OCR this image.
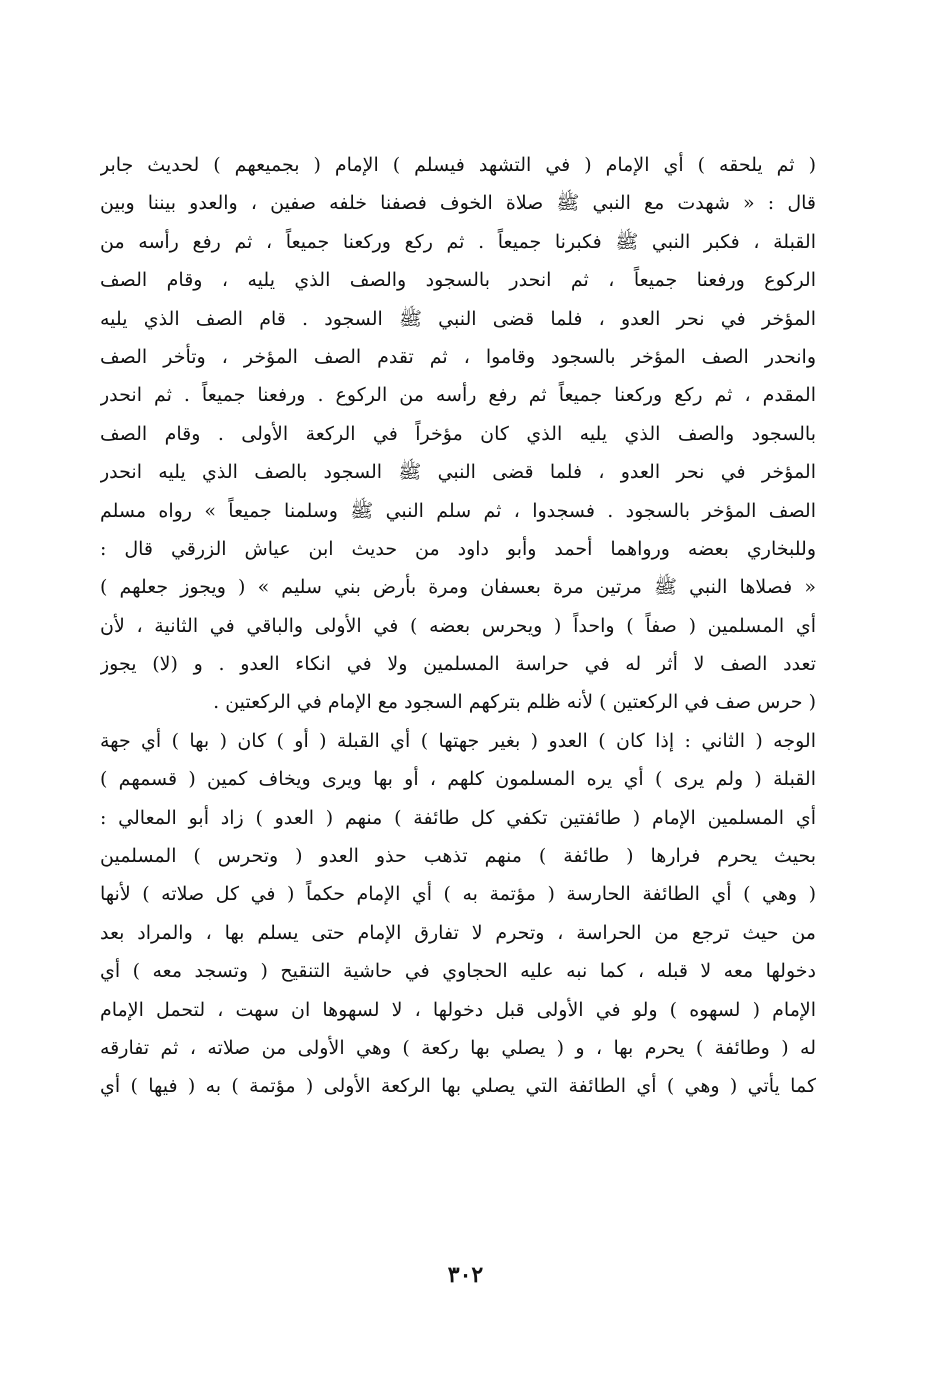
( ثم يلحقه ) أي الإمام ( في التشهد فيسلم ) الإمام ( بجميعهم ) لحديث جابر
قال : « شهدت مع النبي ﷺ صلاة الخوف فصفنا خلفه صفين ، والعدو بيننا وبين
القبلة ، فكبر النبي ﷺ فكبرنا جميعاً . ثم ركع وركعنا جميعاً ، ثم رفع رأسه من
الركوع ورفعنا جميعاً ، ثم انحدر بالسجود والصف الذي يليه ، وقام الصف
المؤخر في نحر العدو ، فلما قضى النبي ﷺ السجود . قام الصف الذي يليه
وانحدر الصف المؤخر بالسجود وقاموا ، ثم تقدم الصف المؤخر ، وتأخر الصف
المقدم ، ثم ركع وركعنا جميعاً ثم رفع رأسه من الركوع . ورفعنا جميعاً . ثم انحدر
بالسجود والصف الذي يليه الذي كان مؤخراً في الركعة الأولى . وقام الصف
المؤخر في نحر العدو ، فلما قضى النبي ﷺ السجود بالصف الذي يليه انحدر
الصف المؤخر بالسجود . فسجدوا ، ثم سلم النبي ﷺ وسلمنا جميعاً » رواه مسلم
وللبخاري بعضه ورواهما أحمد وأبو داود من حديث ابن عياش الزرقي قال :
« فصلاها النبي ﷺ مرتين مرة بعسفان ومرة بأرض بني سليم » ( ويجوز جعلهم )
أي المسلمين ( صفاً ) واحداً ( ويحرس بعضه ) في الأولى والباقي في الثانية ، لأن
تعدد الصف لا أثر له في حراسة المسلمين ولا في انكاء العدو . و (لا) يجوز
( حرس صف في الركعتين ) لأنه ظلم بتركهم السجود مع الإمام في الركعتين .
الوجه ( الثاني : إذا كان ) العدو ( بغير جهتها ) أي القبلة ( أو ) كان ( بها ) أي جهة
القبلة ( ولم يرى ) أي يره المسلمون كلهم ، أو بها ويرى ويخاف كمين ( قسمهم )
أي المسلمين الإمام ( طائفتين تكفي كل طائفة ) منهم ( العدو ) زاد أبو المعالي :
بحيث يحرم فرارها ( طائفة ) منهم تذهب حذو العدو ( وتحرس ) المسلمين
( وهي ) أي الطائفة الحارسة ( مؤتمة به ) أي الإمام حكماً ( في كل صلاته ) لأنها
من حيث ترجع من الحراسة ، وتحرم لا تفارق الإمام حتى يسلم بها ، والمراد بعد
دخولها معه لا قبله ، كما نبه عليه الحجاوي في حاشية التنقيح ( وتسجد معه ) أي
الإمام ( لسهوه ) ولو في الأولى قبل دخولها ، لا لسهوها ان سهت ، لتحمل الإمام
له ( وطائفة ) يحرم بها ، و ( يصلي بها ركعة ) وهي الأولى من صلاته ، ثم تفارقه
كما يأتي ( وهي ) أي الطائفة التي يصلي بها الركعة الأولى ( مؤتمة ) به ( فيها ) أي
٣٠٢
